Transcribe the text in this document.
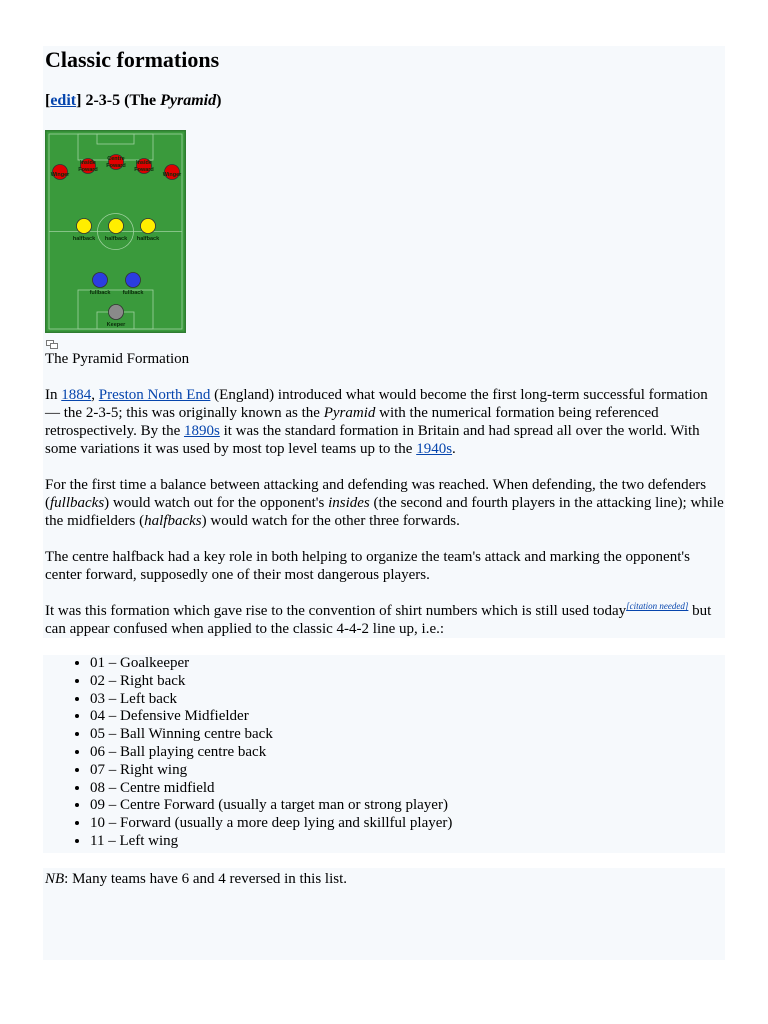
Classic formations
[edit] 2-3-5 (The Pyramid)
Winger
Inside
Foward
Centre
Foward Inside
Foward
Winger
halfback halfback halfback
fullback fullback
Keeper
The Pyramid Formation

In 1884, Preston North End (England) introduced what would become the first long-term successful formation — the 2-3-5; this was originally known as the Pyramid with the numerical formation being referenced retrospectively. By the 1890s it was the standard formation in Britain and had spread all over the world. With some variations it was used by most top level teams up to the 1940s.

For the first time a balance between attacking and defending was reached. When defending, the two defenders (fullbacks) would watch out for the opponent's insides (the second and fourth players in the attacking line); while the midfielders (halfbacks) would watch for the other three forwards.

The centre halfback had a key role in both helping to organize the team's attack and marking the opponent's center forward, supposedly one of their most dangerous players.

It was this formation which gave rise to the convention of shirt numbers which is still used today[citation needed] but can appear confused when applied to the classic 4-4-2 line up, i.e.:

• 01 – Goalkeeper
• 02 – Right back
• 03 – Left back
• 04 – Defensive Midfielder
• 05 – Ball Winning centre back
• 06 – Ball playing centre back
• 07 – Right wing
• 08 – Centre midfield
• 09 – Centre Forward (usually a target man or strong player)
• 10 – Forward (usually a more deep lying and skillful player)
• 11 – Left wing

NB: Many teams have 6 and 4 reversed in this list.
